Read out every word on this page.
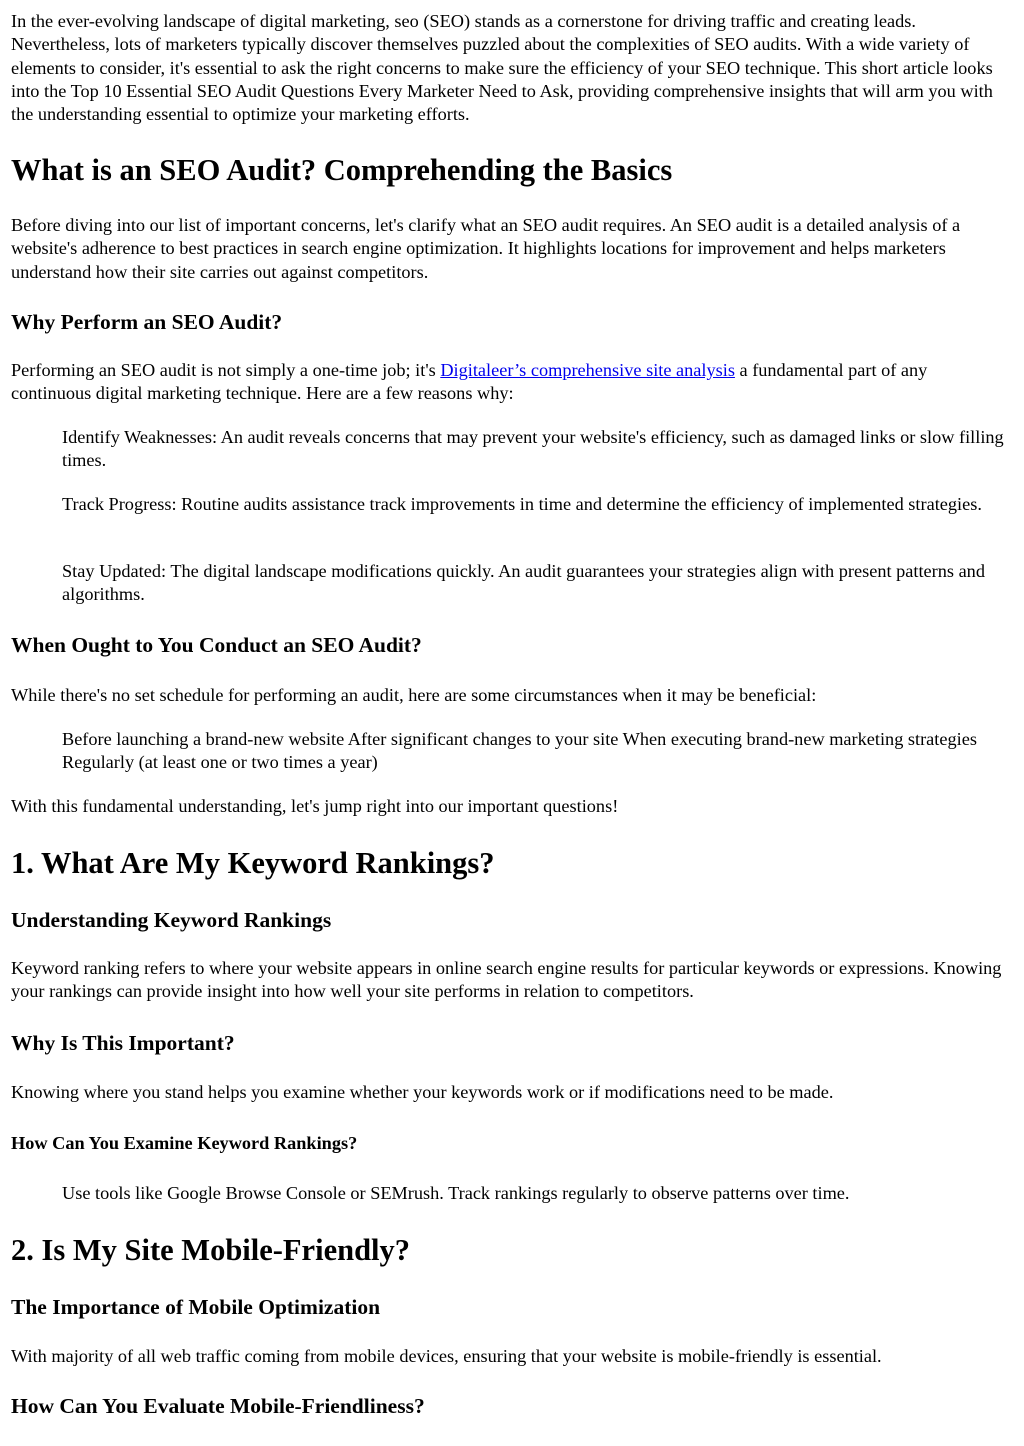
In the ever-evolving landscape of digital marketing, seo (SEO) stands as a cornerstone for driving traffic and creating leads. Nevertheless, lots of marketers typically discover themselves puzzled about the complexities of SEO audits. With a wide variety of elements to consider, it's essential to ask the right concerns to make sure the efficiency of your SEO technique. This short article looks into the Top 10 Essential SEO Audit Questions Every Marketer Need to Ask, providing comprehensive insights that will arm you with the understanding essential to optimize your marketing efforts.

What is an SEO Audit? Comprehending the Basics

Before diving into our list of important concerns, let's clarify what an SEO audit requires. An SEO audit is a detailed analysis of a website's adherence to best practices in search engine optimization. It highlights locations for improvement and helps marketers understand how their site carries out against competitors.

Why Perform an SEO Audit?

Performing an SEO audit is not simply a one-time job; it's Digitaleer’s comprehensive site analysis a fundamental part of any continuous digital marketing technique. Here are a few reasons why:

Identify Weaknesses: An audit reveals concerns that may prevent your website's efficiency, such as damaged links or slow filling times.

Track Progress: Routine audits assistance track improvements in time and determine the efficiency of implemented strategies.

Stay Updated: The digital landscape modifications quickly. An audit guarantees your strategies align with present patterns and algorithms.

When Ought to You Conduct an SEO Audit?

While there's no set schedule for performing an audit, here are some circumstances when it may be beneficial:

Before launching a brand-new website After significant changes to your site When executing brand-new marketing strategies Regularly (at least one or two times a year)

With this fundamental understanding, let's jump right into our important questions!

1. What Are My Keyword Rankings?
Understanding Keyword Rankings

Keyword ranking refers to where your website appears in online search engine results for particular keywords or expressions. Knowing your rankings can provide insight into how well your site performs in relation to competitors.

Why Is This Important?

Knowing where you stand helps you examine whether your keywords work or if modifications need to be made.

How Can You Examine Keyword Rankings?

Use tools like Google Browse Console or SEMrush. Track rankings regularly to observe patterns over time.

2. Is My Site Mobile-Friendly?
The Importance of Mobile Optimization

With majority of all web traffic coming from mobile devices, ensuring that your website is mobile-friendly is essential.

How Can You Evaluate Mobile-Friendliness?
